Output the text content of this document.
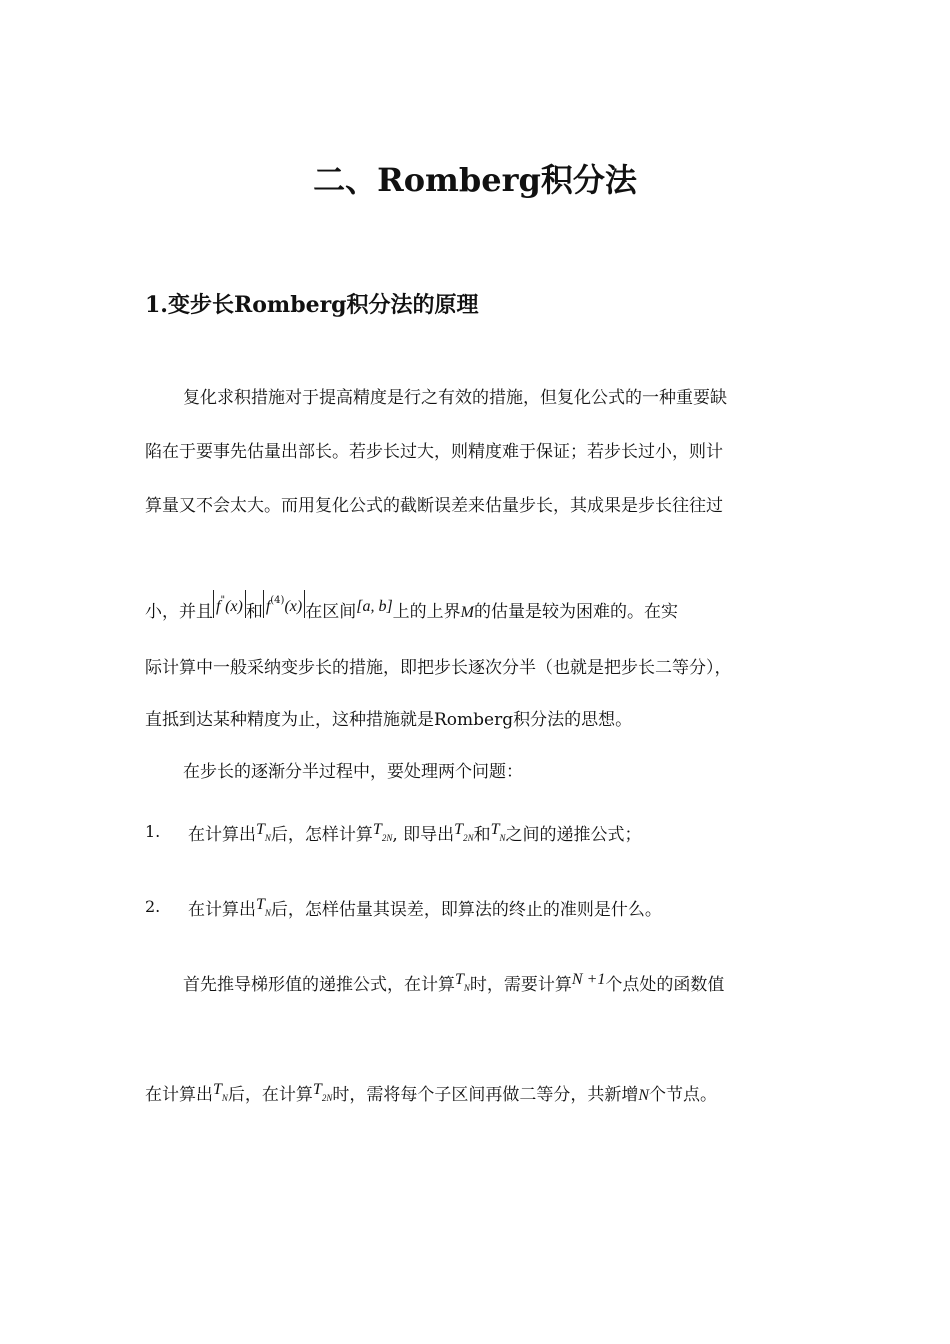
二、Romberg积分法
1.变步长Romberg积分法的原理
复化求积措施对于提高精度是行之有效的措施，但复化公式的一种重要缺
陷在于要事先估量出部长。若步长过大，则精度难于保证；若步长过小，则计
算量又不会太大。而用复化公式的截断误差来估量步长，其成果是步长往往过
小，并且 f"(x) 和 $f^{(4)}(x)$ 在区间[a, b]上的上界M的估量是较为困难的。在实
际计算中一般采纳变步长的措施，即把步长逐次分半（也就是把步长二等分），
直抵到达某种精度为止，这种措施就是Romberg积分法的思想。
在步长的逐渐分半过程中，要处理两个问题：
1. 在计算出TN后，怎样计算T2N, 即导出T2N和TN之间的递推公式；
2. 在计算出TN后，怎样估量其误差，即算法的终止的准则是什么。
首先推导梯形值的递推公式，在计算TN时，需要计算N +1个点处的函数值
在计算出TN后，在计算T2N时，需将每个子区间再做二等分，共新增N个节点。
